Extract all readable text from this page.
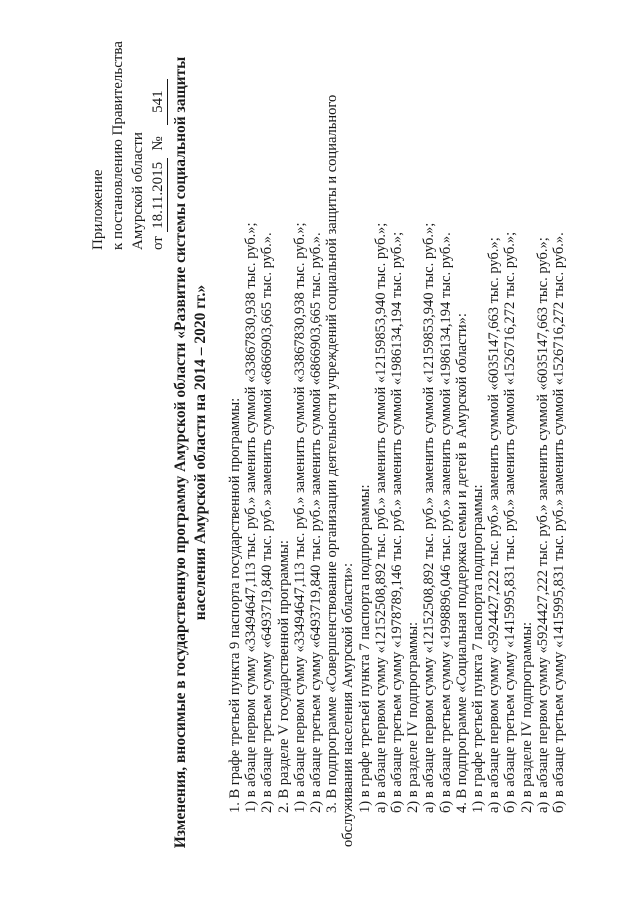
Приложение к постановлению Правительства Амурской области от 18.11.2015 № 541 Изменения, вносимые в государственную программу Амурской области «Развитие системы социальной защиты населения Амурской области на 2014 – 2020 гг.» 1. В графе третьей пункта 9 паспорта государственной программы: 1) в абзаце первом сумму «33494647,113 тыс. руб.» заменить суммой «33867830,938 тыс. руб.»; 2) в абзаце третьем сумму «6493719,840 тыс. руб.» заменить суммой «6866903,665 тыс. руб.». 2. В разделе V государственной программы: 1) в абзаце первом сумму «33494647,113 тыс. руб.» заменить суммой «33867830,938 тыс. руб.»; 2) в абзаце третьем сумму «6493719,840 тыс. руб.» заменить суммой «6866903,665 тыс. руб.». 3. В подпрограмме «Совершенствование организации деятельности учреждений социальной защиты и социального обслуживания населения Амурской области»: 1) в графе третьей пункта 7 паспорта подпрограммы: а) в абзаце первом сумму «12152508,892 тыс. руб.» заменить суммой «12159853,940 тыс. руб.»; б) в абзаце третьем сумму «1978789,146 тыс. руб.» заменить суммой «1986134,194 тыс. руб.»; 2) в разделе IV подпрограммы: а) в абзаце первом сумму «12152508,892 тыс. руб.» заменить суммой «12159853,940 тыс. руб.»; б) в абзаце третьем сумму «1998896,046 тыс. руб.» заменить суммой «1986134,194 тыс. руб.». 4. В подпрограмме «Социальная поддержка семьи и детей в Амурской области»: 1) в графе третьей пункта 7 паспорта подпрограммы: а) в абзаце первом сумму «5924427,222 тыс. руб.» заменить суммой «6035147,663 тыс. руб.»; б) в абзаце третьем сумму «1415995,831 тыс. руб.» заменить суммой «1526716,272 тыс. руб.»; 2) в разделе IV подпрограммы: а) в абзаце первом сумму «5924427,222 тыс. руб.» заменить суммой «6035147,663 тыс. руб.»; б) в абзаце третьем сумму «1415995,831 тыс. руб.» заменить суммой «1526716,272 тыс. руб.».
